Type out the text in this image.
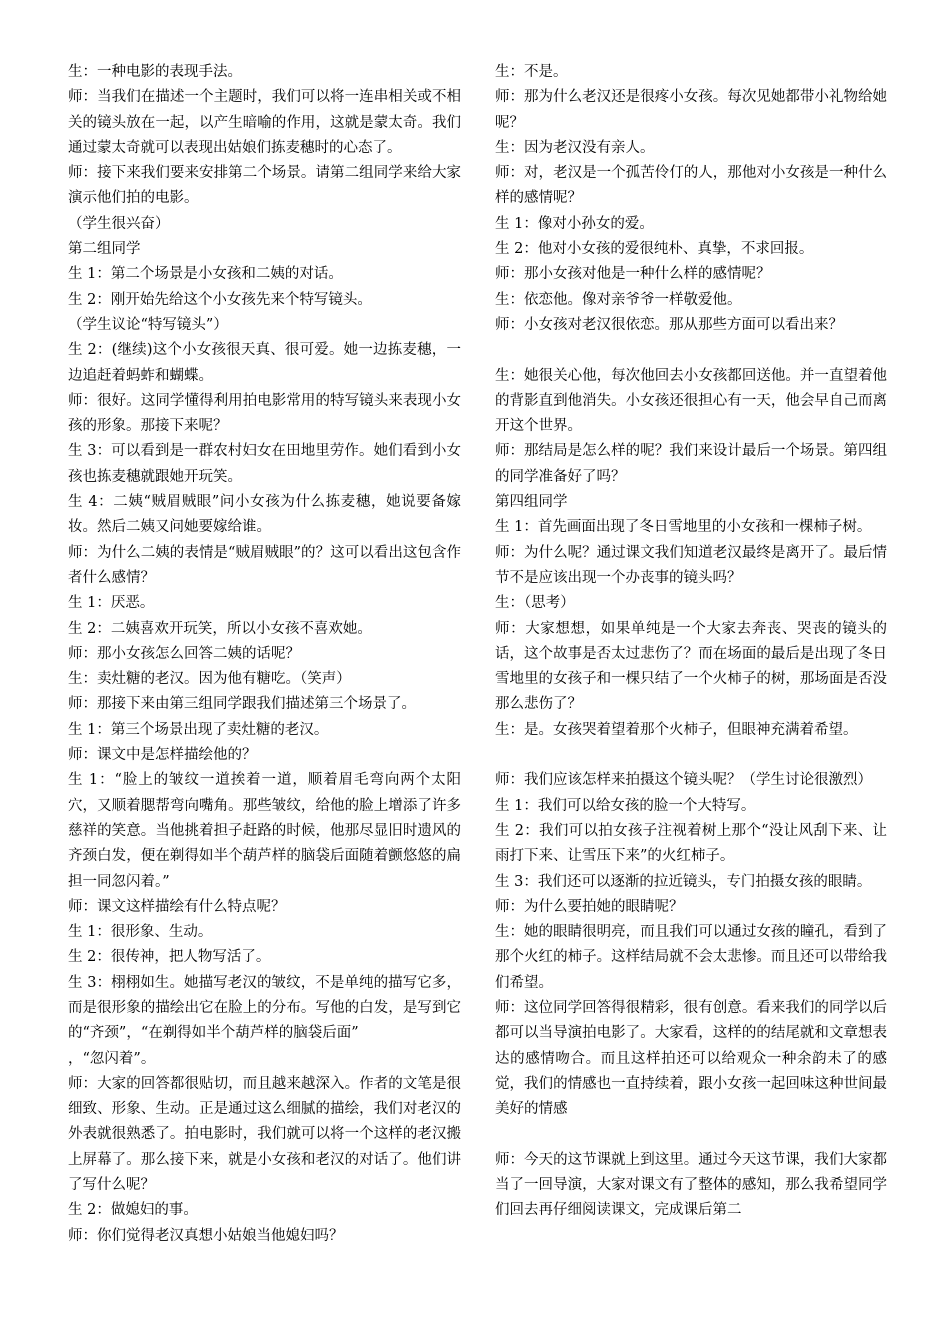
生：一种电影的表现手法。

师：当我们在描述一个主题时，我们可以将一连串相关或不相关的镜头放在一起，以产生暗喻的作用，这就是蒙太奇。我们通过蒙太奇就可以表现出姑娘们拣麦穗时的心态了。

师：接下来我们要来安排第二个场景。请第二组同学来给大家演示他们拍的电影。

（学生很兴奋）

第二组同学

生 1：第二个场景是小女孩和二姨的对话。

生 2：刚开始先给这个小女孩先来个特写镜头。

（学生议论“特写镜头”）

生 2：(继续)这个小女孩很天真、很可爱。她一边拣麦穗，一边追赶着蚂蚱和蝴蝶。

师：很好。这同学懂得利用拍电影常用的特写镜头来表现小女孩的形象。那接下来呢？

生 3：可以看到是一群农村妇女在田地里劳作。她们看到小女孩也拣麦穗就跟她开玩笑。

生 4：二姨“贼眉贼眼”问小女孩为什么拣麦穗，她说要备嫁妆。然后二姨又问她要嫁给谁。

师：为什么二姨的表情是“贼眉贼眼”的？这可以看出这包含作者什么感情？

生 1：厌恶。

生 2：二姨喜欢开玩笑，所以小女孩不喜欢她。

师：那小女孩怎么回答二姨的话呢？

生：卖灶糖的老汉。因为他有糖吃。（笑声）

师：那接下来由第三组同学跟我们描述第三个场景了。

生 1：第三个场景出现了卖灶糖的老汉。

师：课文中是怎样描绘他的？

生 1：“脸上的皱纹一道挨着一道，顺着眉毛弯向两个太阳穴，又顺着腮帮弯向嘴角。那些皱纹，给他的脸上增添了许多慈祥的笑意。当他挑着担子赶路的时候，他那尽显旧时遗风的齐颈白发，便在剃得如半个葫芦样的脑袋后面随着颤悠悠的扁担一同忽闪着。”

师：课文这样描绘有什么特点呢？

生 1：很形象、生动。

生 2：很传神，把人物写活了。

生 3：栩栩如生。她描写老汉的皱纹，不是单纯的描写它多，而是很形象的描绘出它在脸上的分布。写他的白发，是写到它的“齐颈”，“在剃得如半个葫芦样的脑袋后面”

，“忽闪着”。

师：大家的回答都很贴切，而且越来越深入。作者的文笔是很细致、形象、生动。正是通过这么细腻的描绘，我们对老汉的外表就很熟悉了。拍电影时，我们就可以将一个这样的老汉搬上屏幕了。那么接下来，就是小女孩和老汉的对话了。他们讲了写什么呢？

生 2：做媳妇的事。

师：你们觉得老汉真想小姑娘当他媳妇吗？

生：不是。

师：那为什么老汉还是很疼小女孩。每次见她都带小礼物给她呢？

生：因为老汉没有亲人。

师：对，老汉是一个孤苦伶仃的人，那他对小女孩是一种什么样的感情呢？

生 1：像对小孙女的爱。

生 2：他对小女孩的爱很纯朴、真挚，不求回报。

师：那小女孩对他是一种什么样的感情呢？

生：依恋他。像对亲爷爷一样敬爱他。

师：小女孩对老汉很依恋。那从那些方面可以看出来？

生：她很关心他，每次他回去小女孩都回送他。并一直望着他的背影直到他消失。小女孩还很担心有一天，他会早自己而离开这个世界。

师：那结局是怎么样的呢？我们来设计最后一个场景。第四组的同学准备好了吗？

第四组同学

生 1：首先画面出现了冬日雪地里的小女孩和一棵柿子树。

师：为什么呢？通过课文我们知道老汉最终是离开了。最后情节不是应该出现一个办丧事的镜头吗？

生：（思考）

师：大家想想，如果单纯是一个大家去奔丧、哭丧的镜头的话，这个故事是否太过悲伤了？而在场面的最后是出现了冬日雪地里的女孩子和一棵只结了一个火柿子的树，那场面是否没那么悲伤了？

生：是。女孩哭着望着那个火柿子，但眼神充满着希望。

师：我们应该怎样来拍摄这个镜头呢？（学生讨论很激烈）

生 1：我们可以给女孩的脸一个大特写。

生 2：我们可以拍女孩子注视着树上那个“没让风刮下来、让雨打下来、让雪压下来”的火红柿子。

生 3：我们还可以逐渐的拉近镜头，专门拍摄女孩的眼睛。

师：为什么要拍她的眼睛呢？

生：她的眼睛很明亮，而且我们可以通过女孩的瞳孔，看到了那个火红的柿子。这样结局就不会太悲惨。而且还可以带给我们希望。

师：这位同学回答得很精彩，很有创意。看来我们的同学以后都可以当导演拍电影了。大家看，这样的的结尾就和文章想表达的感情吻合。而且这样拍还可以给观众一种余韵未了的感觉，我们的情感也一直持续着，跟小女孩一起回味这种世间最美好的情感

师：今天的这节课就上到这里。通过今天这节课，我们大家都当了一回导演，大家对课文有了整体的感知，那么我希望同学们回去再仔细阅读课文，完成课后第二
